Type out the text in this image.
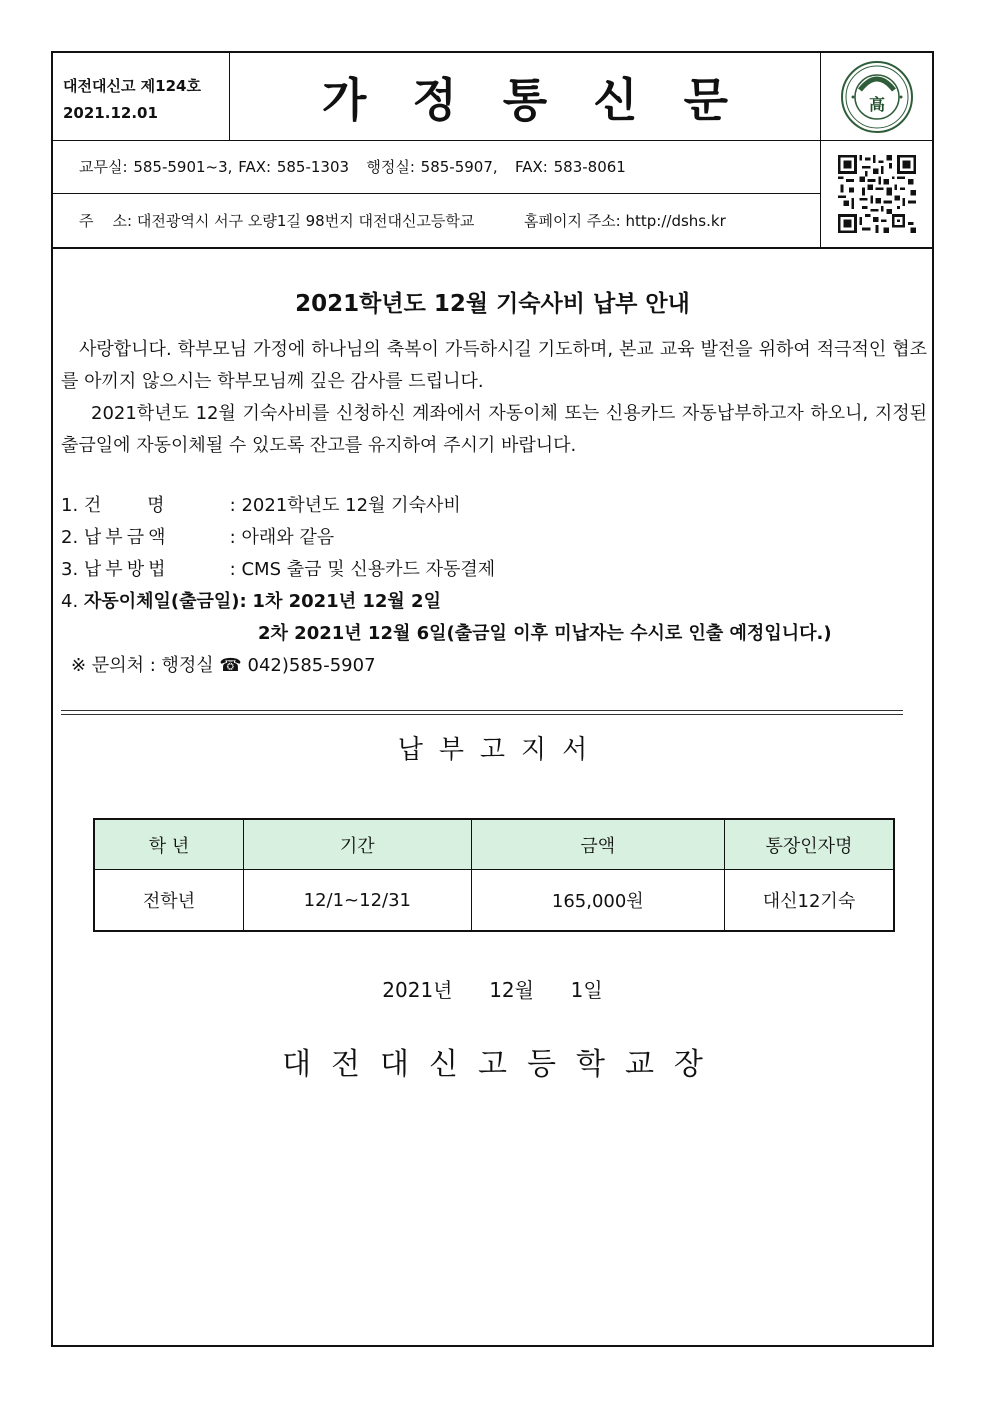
대전대신고 제124호
2021.12.01	가정통신문	高
교무실: 585-5901~3, FAX: 585-1303 행정실: 585-5907, FAX: 583-8061
주    소: 대전광역시 서구 오량1길 98번지 대전대신고등학교	홈페이지 주소: http://dshs.kr
2021학년도 12월 기숙사비 납부 안내
사랑합니다. 학부모님 가정에 하나님의 축복이 가득하시길 기도하며, 본교 교육 발전을 위하여 적극적인 협조를 아끼지 않으시는 학부모님께 깊은 감사를 드립니다.
2021학년도 12월 기숙사비를 신청하신 계좌에서 자동이체 또는 신용카드 자동납부하고자 하오니, 지정된 출금일에 자동이체될 수 있도록 잔고를 유지하여 주시기 바랍니다.
1. 건        명	: 2021학년도 12월 기숙사비
2. 납부금액	: 아래와 같음
3. 납부방법	: CMS 출금 및 신용카드 자동결제
4. 자동이체일(출금일): 1차 2021년 12월 2일
2차 2021년 12월 6일(출금일 이후 미납자는 수시로 인출 예정입니다.)
※ 문의처 : 행정실 ☎ 042)585-5907
납부고지서
학 년	기간	금액	통장인자명
전학년	12/1~12/31	165,000원	대신12기숙
2021년  12월  1일
대전대신고등학교장
